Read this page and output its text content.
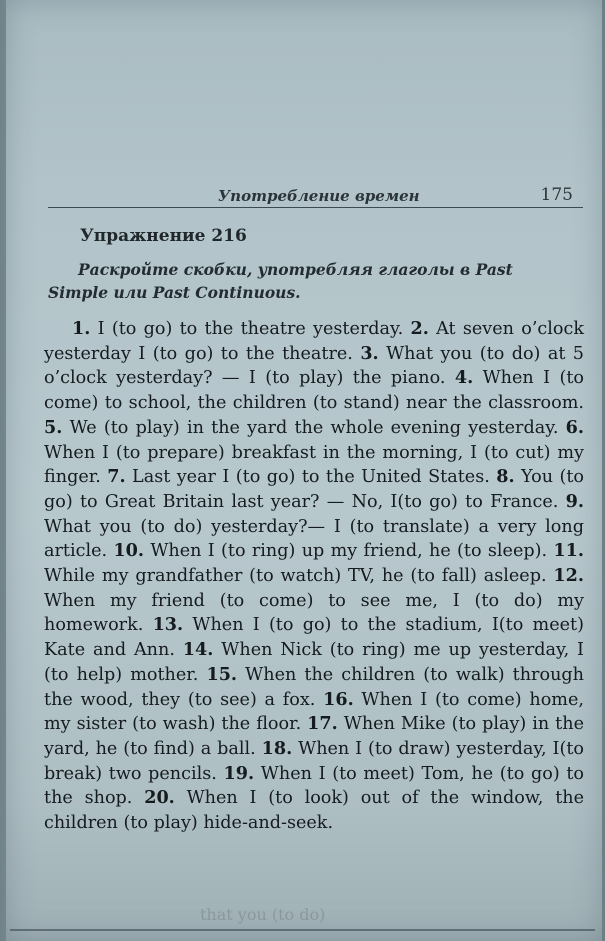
Употребление времен	175
Упражнение 216
Раскройте скобки, употребляя глаголы в Past Simple или Past Continuous.
1. I (to go) to the theatre yesterday. 2. At seven o’clock yesterday I (to go) to the theatre. 3. What you (to do) at 5 o’clock yesterday? — I (to play) the piano. 4. When I (to come) to school, the children (to stand) near the classroom. 5. We (to play) in the yard the whole evening yesterday. 6. When I (to prepare) breakfast in the morning, I (to cut) my finger. 7. Last year I (to go) to the United States. 8. You (to go) to Great Britain last year? — No, I(to go) to France. 9. What you (to do) yesterday?— I (to translate) a very long article. 10. When I (to ring) up my friend, he (to sleep). 11. While my grandfather (to watch) TV, he (to fall) asleep. 12. When my friend (to come) to see me, I (to do) my homework. 13. When I (to go) to the stadium, I(to meet) Kate and Ann. 14. When Nick (to ring) me up yesterday, I (to help) mother. 15. When the children (to walk) through the wood, they (to see) a fox. 16. When I (to come) home, my sister (to wash) the floor. 17. When Mike (to play) in the yard, he (to find) a ball. 18. When I (to draw) yesterday, I(to break) two pencils. 19. When I (to meet) Tom, he (to go) to the shop. 20. When I (to look) out of the window, the children (to play) hide-and-seek.
that you (to do)
